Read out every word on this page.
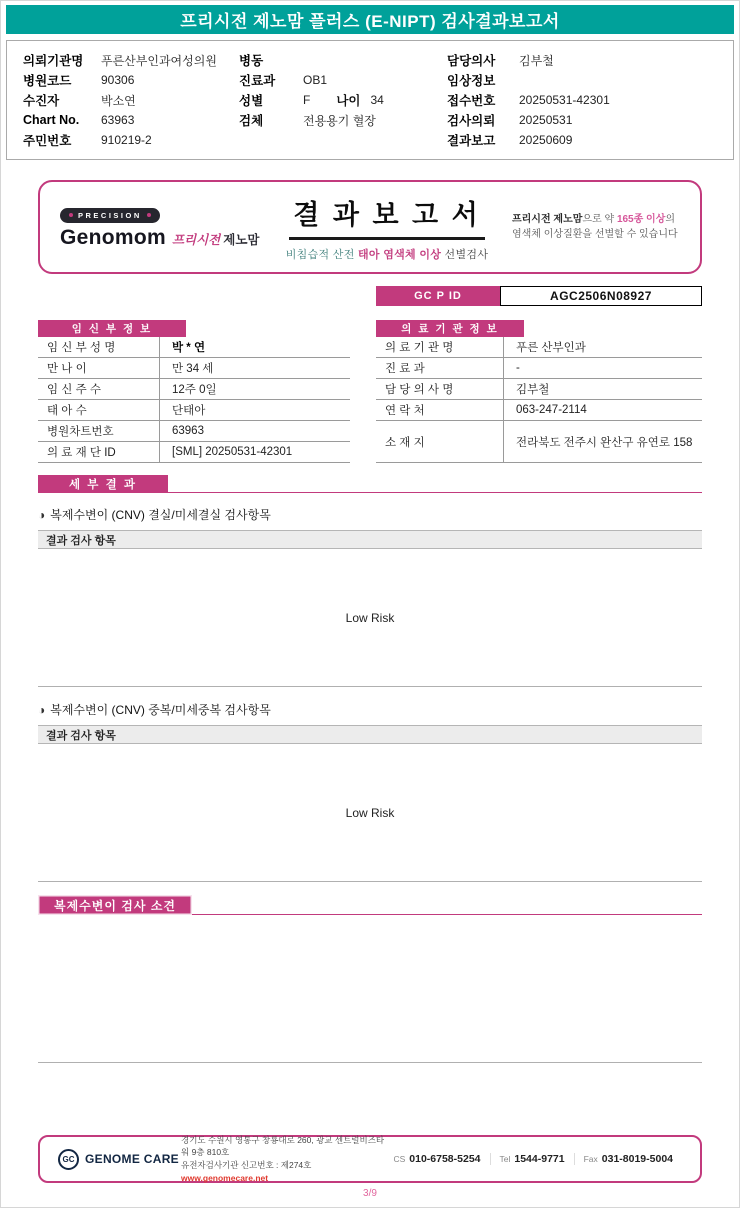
프리시전 제노맘 플러스 (E-NIPT) 검사결과보고서
의뢰기관명	푸른산부인과여성의원
병원코드	90306
수진자	박소연
Chart No.	63963
주민번호	910219-2
병동
진료과	OB1
성별	F 나이 34
검체	전용용기 혈장
담당의사	김부철
임상정보
접수번호	20250531-42301
검사의뢰	20250531
결과보고	20250609
PRECISION
Genomom 프리시전 제노맘
결 과 보 고 서
비침습적 산전 태아 염색체 이상 선별검사
프리시전 제노맘으로 약 165종 이상의
염색체 이상질환을 선별할 수 있습니다
GC P ID	AGC2506N08927
임 신 부 정 보
임 신 부 성 명	박 * 연
만 나 이	만 34 세
임 신 주 수	12주 0일
태 아 수	단태아
병원차트번호	63963
의 료 재 단 ID	[SML] 20250531-42301
의 료 기 관 정 보
의 료 기 관 명	푸른 산부인과
진 료 과	-
담 당 의 사 명	김부철
연 락 처	063-247-2114
소 재 지	전라북도 전주시 완산구 유연로 158
세 부 결 과
◑ 복제수변이 (CNV) 결실/미세결실 검사항목
결과 검사 항목
Low Risk
◑ 복제수변이 (CNV) 중복/미세중복 검사항목
결과 검사 항목
Low Risk
복제수변이 검사 소견
GC GENOME CARE
경기도 수원시 영통구 창룡대로 260, 광교 센트럴비즈타워 9층 810호
유전자검사기관 신고번호 : 제274호
www.genomecare.net
CS 010-6758-5254 Tel 1544-9771 Fax 031-8019-5004
3/9
